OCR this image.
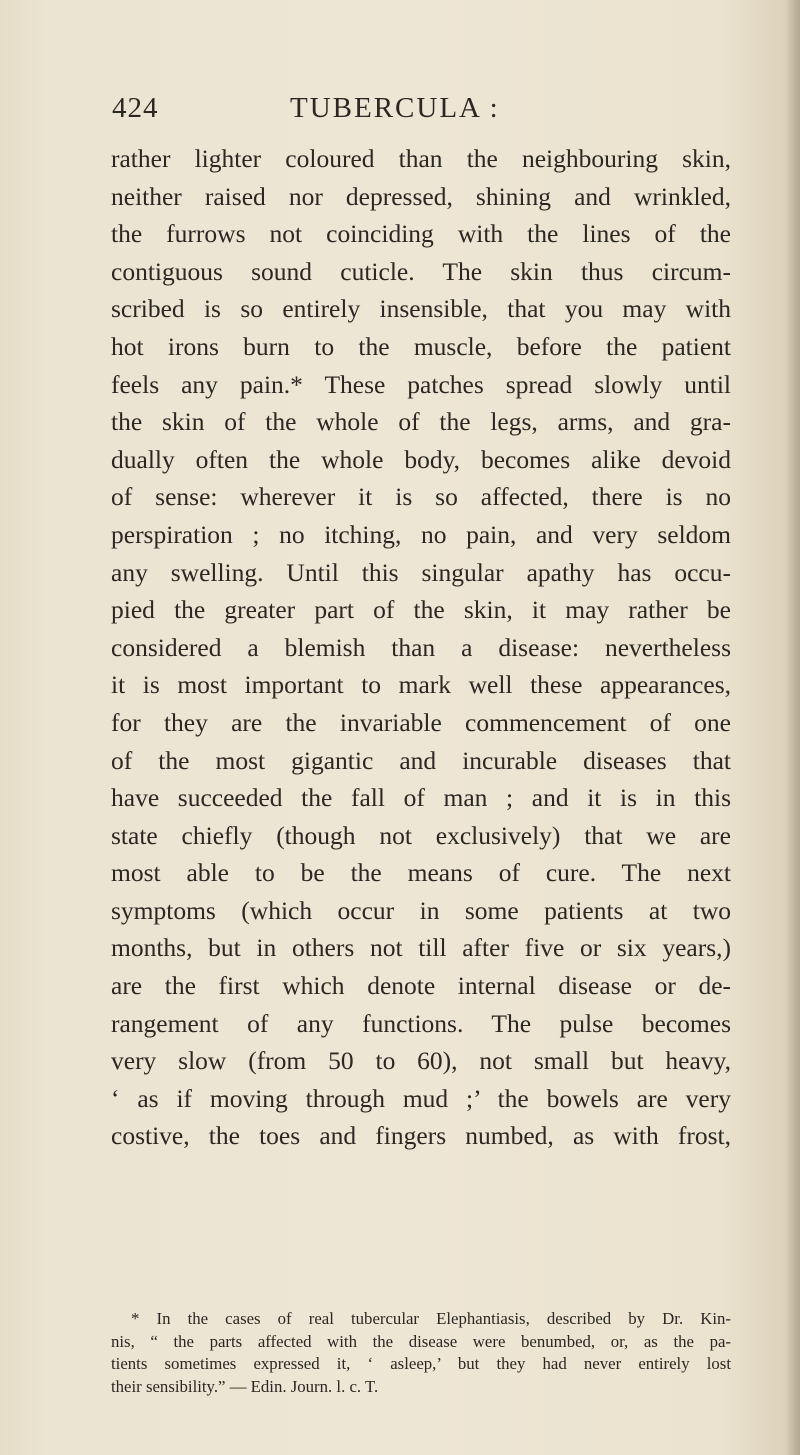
424	TUBERCULA :
rather lighter coloured than the neighbouring skin,
neither raised nor depressed, shining and wrinkled,
the furrows not coinciding with the lines of the
contiguous sound cuticle. The skin thus circum-
scribed is so entirely insensible, that you may with
hot irons burn to the muscle, before the patient
feels any pain.* These patches spread slowly until
the skin of the whole of the legs, arms, and gra-
dually often the whole body, becomes alike devoid
of sense: wherever it is so affected, there is no
perspiration ; no itching, no pain, and very seldom
any swelling. Until this singular apathy has occu-
pied the greater part of the skin, it may rather be
considered a blemish than a disease: nevertheless
it is most important to mark well these appearances,
for they are the invariable commencement of one
of the most gigantic and incurable diseases that
have succeeded the fall of man ; and it is in this
state chiefly (though not exclusively) that we are
most able to be the means of cure. The next
symptoms (which occur in some patients at two
months, but in others not till after five or six years,)
are the first which denote internal disease or de-
rangement of any functions. The pulse becomes
very slow (from 50 to 60), not small but heavy,
‘ as if moving through mud ;’ the bowels are very
costive, the toes and fingers numbed, as with frost,
* In the cases of real tubercular Elephantiasis, described by Dr. Kin-
nis, “ the parts affected with the disease were benumbed, or, as the pa-
tients sometimes expressed it, ‘ asleep,’ but they had never entirely lost
their sensibility.” — Edin. Journ. l. c. T.
